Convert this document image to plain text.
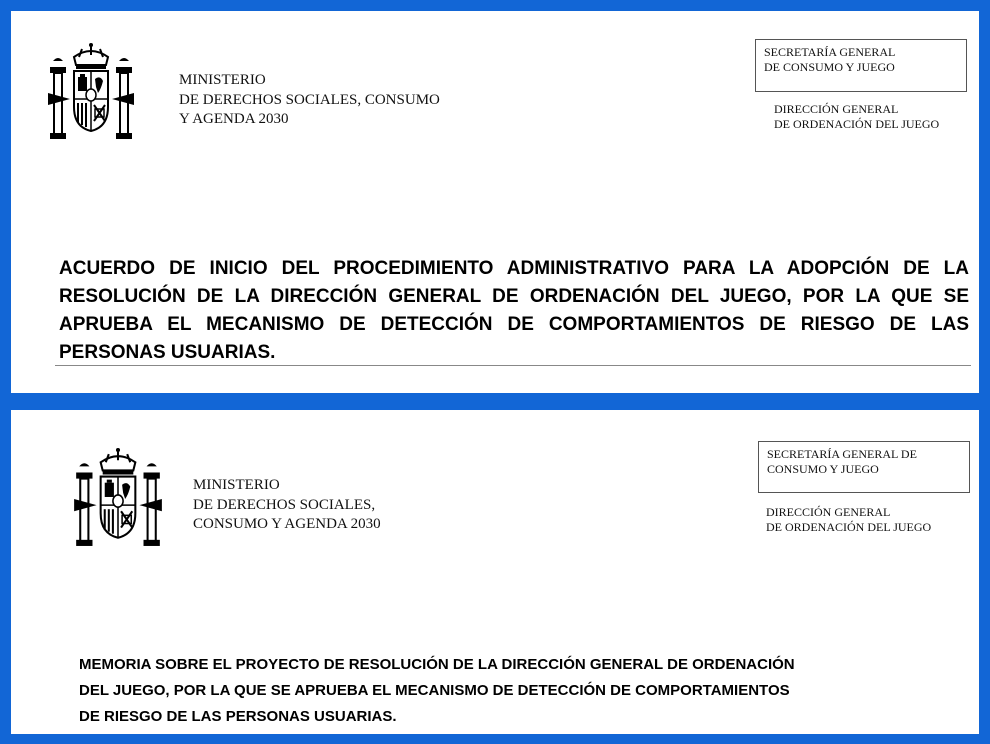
MINISTERIO
DE DERECHOS SOCIALES, CONSUMO
Y AGENDA 2030
SECRETARÍA GENERAL
DE CONSUMO Y JUEGO
DIRECCIÓN GENERAL
DE ORDENACIÓN DEL JUEGO
ACUERDO DE INICIO DEL PROCEDIMIENTO ADMINISTRATIVO PARA LA ADOPCIÓN DE LA RESOLUCIÓN DE LA DIRECCIÓN GENERAL DE ORDENACIÓN DEL JUEGO, POR LA QUE SE APRUEBA EL MECANISMO DE DETECCIÓN DE COMPORTAMIENTOS DE RIESGO DE LAS PERSONAS USUARIAS.
MINISTERIO
DE DERECHOS SOCIALES,
CONSUMO Y AGENDA 2030
SECRETARÍA GENERAL DE
CONSUMO Y JUEGO
DIRECCIÓN GENERAL
DE ORDENACIÓN DEL JUEGO
MEMORIA SOBRE EL PROYECTO DE RESOLUCIÓN DE LA DIRECCIÓN GENERAL DE ORDENACIÓN
DEL JUEGO, POR LA QUE SE APRUEBA EL MECANISMO DE DETECCIÓN DE COMPORTAMIENTOS
DE RIESGO DE LAS PERSONAS USUARIAS.
